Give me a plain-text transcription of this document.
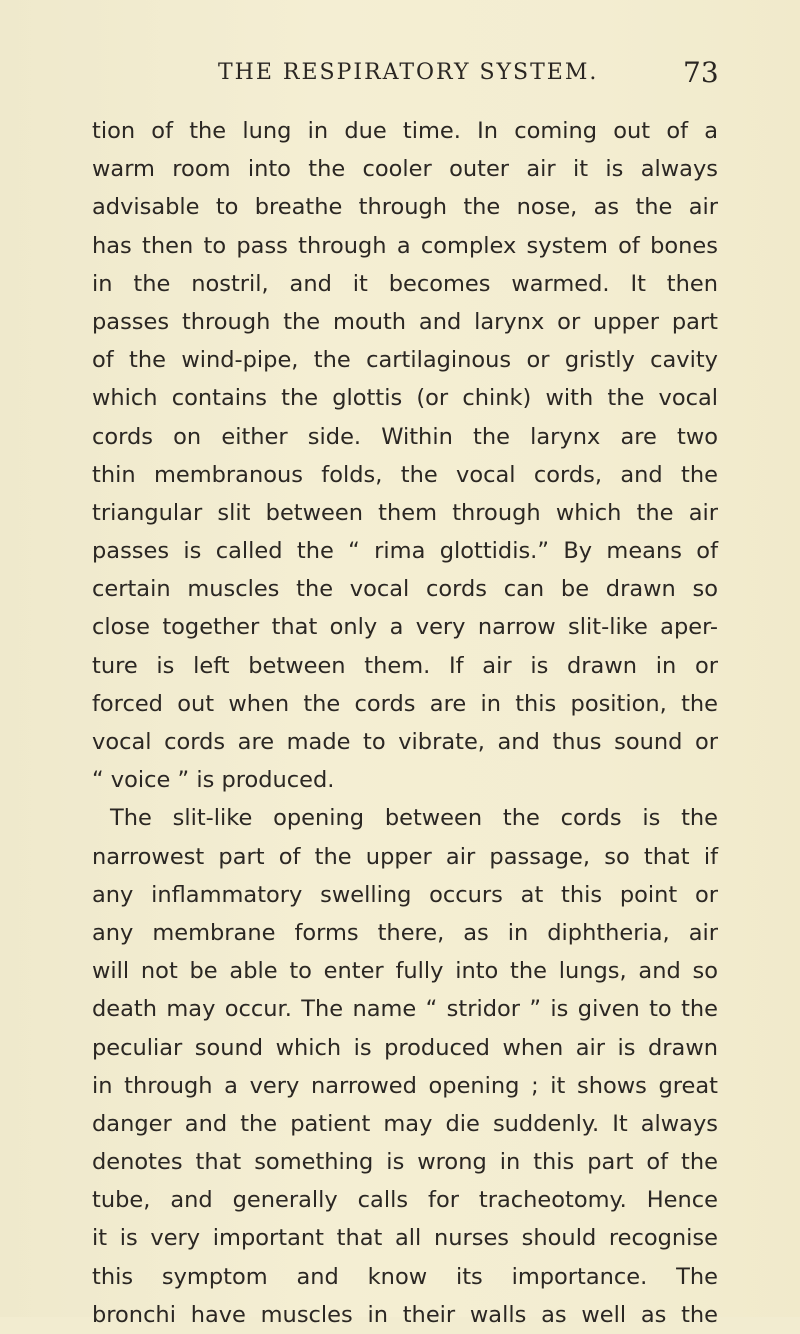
THE RESPIRATORY SYSTEM.	73
tion of the lung in due time. In coming out of a
warm room into the cooler outer air it is always
advisable to breathe through the nose, as the air
has then to pass through a complex system of bones
in the nostril, and it becomes warmed. It then
passes through the mouth and larynx or upper part
of the wind-pipe, the cartilaginous or gristly cavity
which contains the glottis (or chink) with the vocal
cords on either side. Within the larynx are two
thin membranous folds, the vocal cords, and the
triangular slit between them through which the air
passes is called the “ rima glottidis.” By means of
certain muscles the vocal cords can be drawn so
close together that only a very narrow slit-like aper-
ture is left between them. If air is drawn in or
forced out when the cords are in this position, the
vocal cords are made to vibrate, and thus sound or
“ voice ” is produced.
The slit-like opening between the cords is the
narrowest part of the upper air passage, so that if
any inflammatory swelling occurs at this point or
any membrane forms there, as in diphtheria, air
will not be able to enter fully into the lungs, and so
death may occur. The name “ stridor ” is given to the
peculiar sound which is produced when air is drawn
in through a very narrowed opening ; it shows great
danger and the patient may die suddenly. It always
denotes that something is wrong in this part of the
tube, and generally calls for tracheotomy. Hence
it is very important that all nurses should recognise
this symptom and know its importance. The
bronchi have muscles in their walls as well as the
